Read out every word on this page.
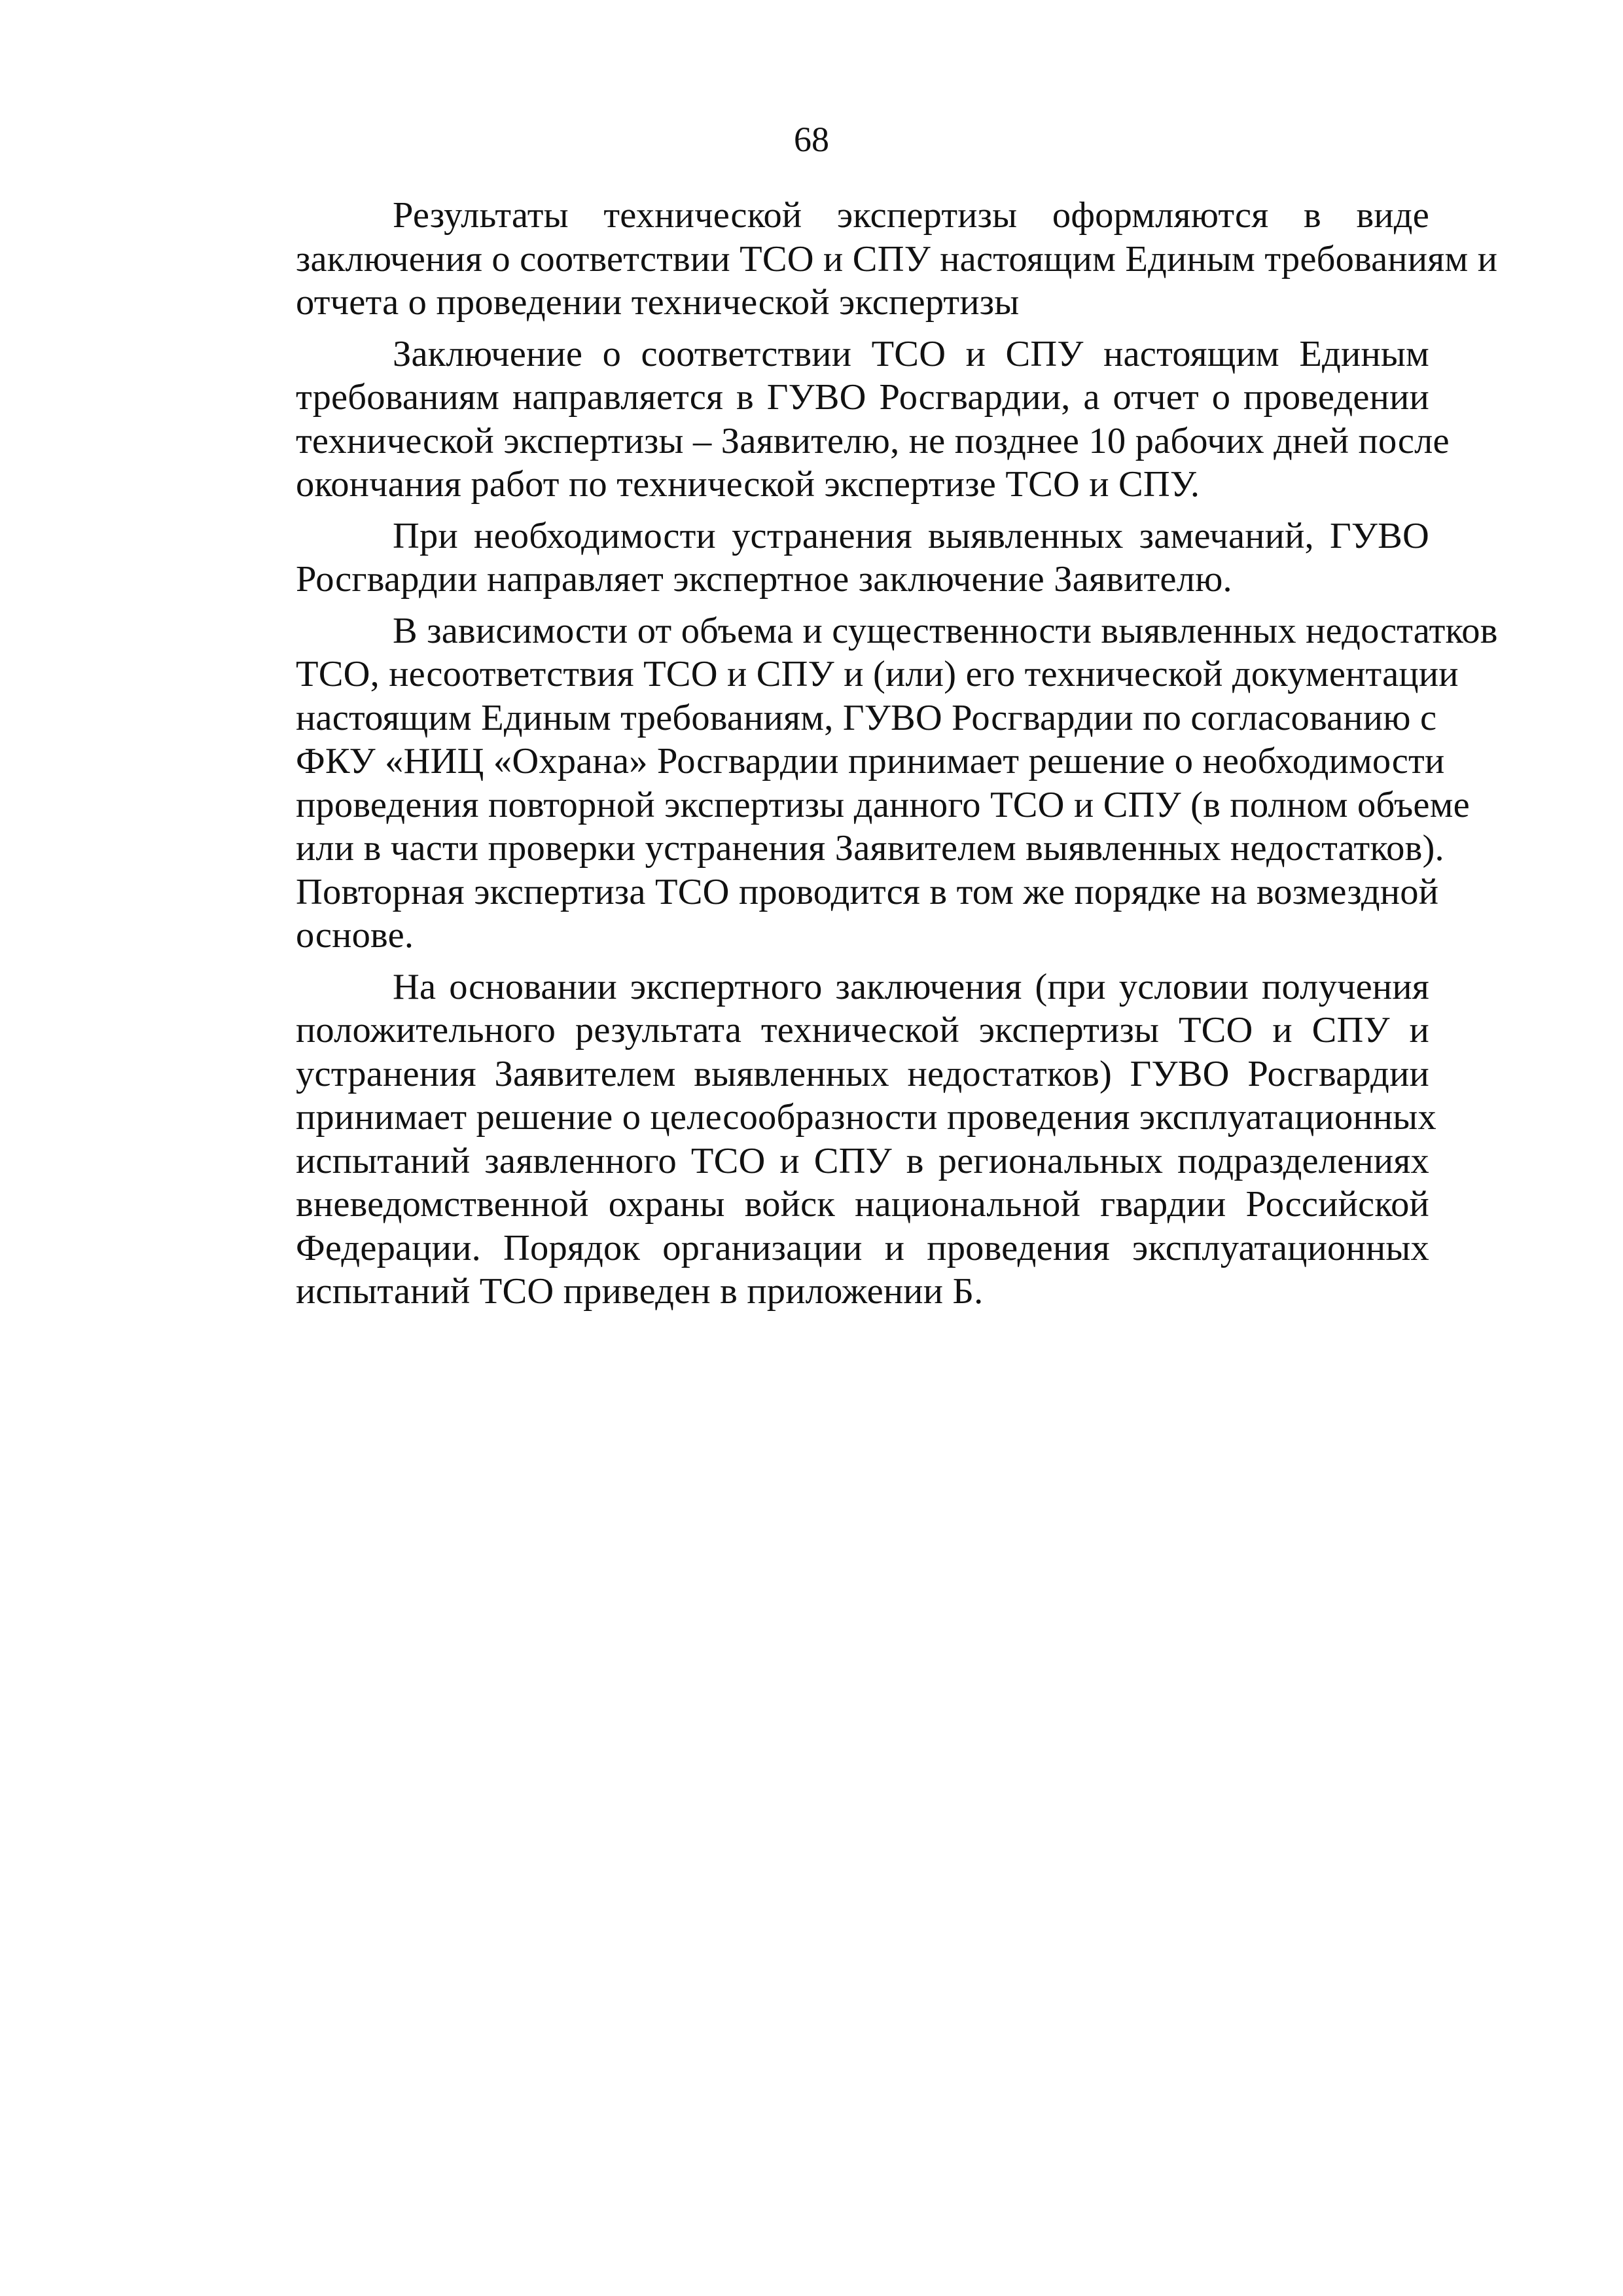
68
Результаты технической экспертизы оформляются в виде
заключения о соответствии ТСО и СПУ настоящим Единым требованиям и
отчета о проведении технической экспертизы
Заключение о соответствии ТСО и СПУ настоящим Единым
требованиям направляется в ГУВО Росгвардии, а отчет о проведении
технической экспертизы – Заявителю, не позднее 10 рабочих дней после
окончания работ по технической экспертизе ТСО и СПУ.
При необходимости устранения выявленных замечаний, ГУВО
Росгвардии направляет экспертное заключение Заявителю.
В зависимости от объема и существенности выявленных недостатков
ТСО, несоответствия ТСО и СПУ и (или) его технической документации
настоящим Единым требованиям, ГУВО Росгвардии по согласованию с
ФКУ «НИЦ «Охрана» Росгвардии принимает решение о необходимости
проведения повторной экспертизы данного ТСО и СПУ (в полном объеме
или в части проверки устранения Заявителем выявленных недостатков).
Повторная экспертиза ТСО проводится в том же порядке на возмездной
основе.
На основании экспертного заключения (при условии получения
положительного результата технической экспертизы ТСО и СПУ и
устранения Заявителем выявленных недостатков) ГУВО Росгвардии
принимает решение о целесообразности проведения эксплуатационных
испытаний заявленного ТСО и СПУ в региональных подразделениях
вневедомственной охраны войск национальной гвардии Российской
Федерации. Порядок организации и проведения эксплуатационных
испытаний ТСО приведен в приложении Б.
